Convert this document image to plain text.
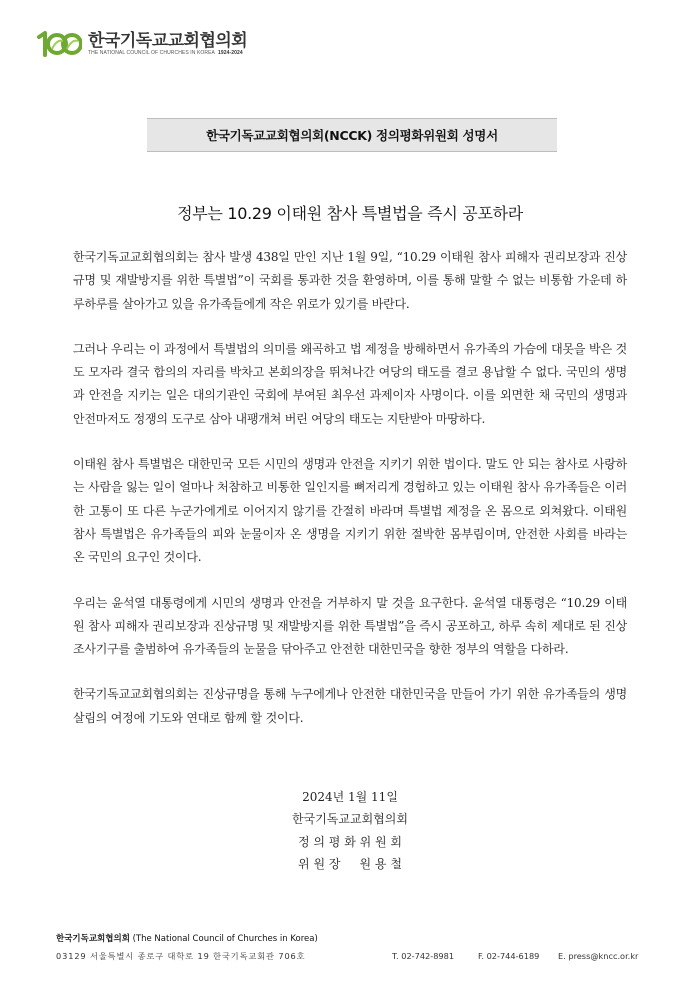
한국기독교교회협의회
THE NATIONAL COUNCIL OF CHURCHES IN KOREA 1924-2024
한국기독교교회협의회(NCCK) 정의평화위원회 성명서
정부는 10.29 이태원 참사 특별법을 즉시 공포하라

한국기독교교회협의회는 참사 발생 438일 만인 지난 1월 9일, “10.29 이태원 참사 피해자 권리보장과 진상규명 및 재발방지를 위한 특별법”이 국회를 통과한 것을 환영하며, 이를 통해 말할 수 없는 비통함 가운데 하루하루를 살아가고 있을 유가족들에게 작은 위로가 있기를 바란다.

그러나 우리는 이 과정에서 특별법의 의미를 왜곡하고 법 제정을 방해하면서 유가족의 가슴에 대못을 박은 것도 모자라 결국 합의의 자리를 박차고 본회의장을 뛰쳐나간 여당의 태도를 결코 용납할 수 없다. 국민의 생명과 안전을 지키는 일은 대의기관인 국회에 부여된 최우선 과제이자 사명이다. 이를 외면한 채 국민의 생명과 안전마저도 정쟁의 도구로 삼아 내팽개쳐 버린 여당의 태도는 지탄받아 마땅하다.

이태원 참사 특별법은 대한민국 모든 시민의 생명과 안전을 지키기 위한 법이다. 말도 안 되는 참사로 사랑하는 사람을 잃는 일이 얼마나 처참하고 비통한 일인지를 뼈저리게 경험하고 있는 이태원 참사 유가족들은 이러한 고통이 또 다른 누군가에게로 이어지지 않기를 간절히 바라며 특별법 제정을 온 몸으로 외쳐왔다. 이태원 참사 특별법은 유가족들의 피와 눈물이자 온 생명을 지키기 위한 절박한 몸부림이며, 안전한 사회를 바라는 온 국민의 요구인 것이다.

우리는 윤석열 대통령에게 시민의 생명과 안전을 거부하지 말 것을 요구한다. 윤석열 대통령은 “10.29 이태원 참사 피해자 권리보장과 진상규명 및 재발방지를 위한 특별법”을 즉시 공포하고, 하루 속히 제대로 된 진상조사기구를 출범하여 유가족들의 눈물을 닦아주고 안전한 대한민국을 향한 정부의 역할을 다하라.

한국기독교교회협의회는 진상규명을 통해 누구에게나 안전한 대한민국을 만들어 가기 위한 유가족들의 생명살림의 여정에 기도와 연대로 함께 할 것이다.

2024년 1월 11일
한국기독교교회협의회
정 의 평 화 위 원 회
위 원 장     원 용 철
한국기독교회협의회 (The National Council of Churches in Korea)
03129 서울특별시 종로구 대학로 19 한국기독교회관 706호	T. 02-742-8981	F. 02-744-6189	E. press@kncc.or.kr
